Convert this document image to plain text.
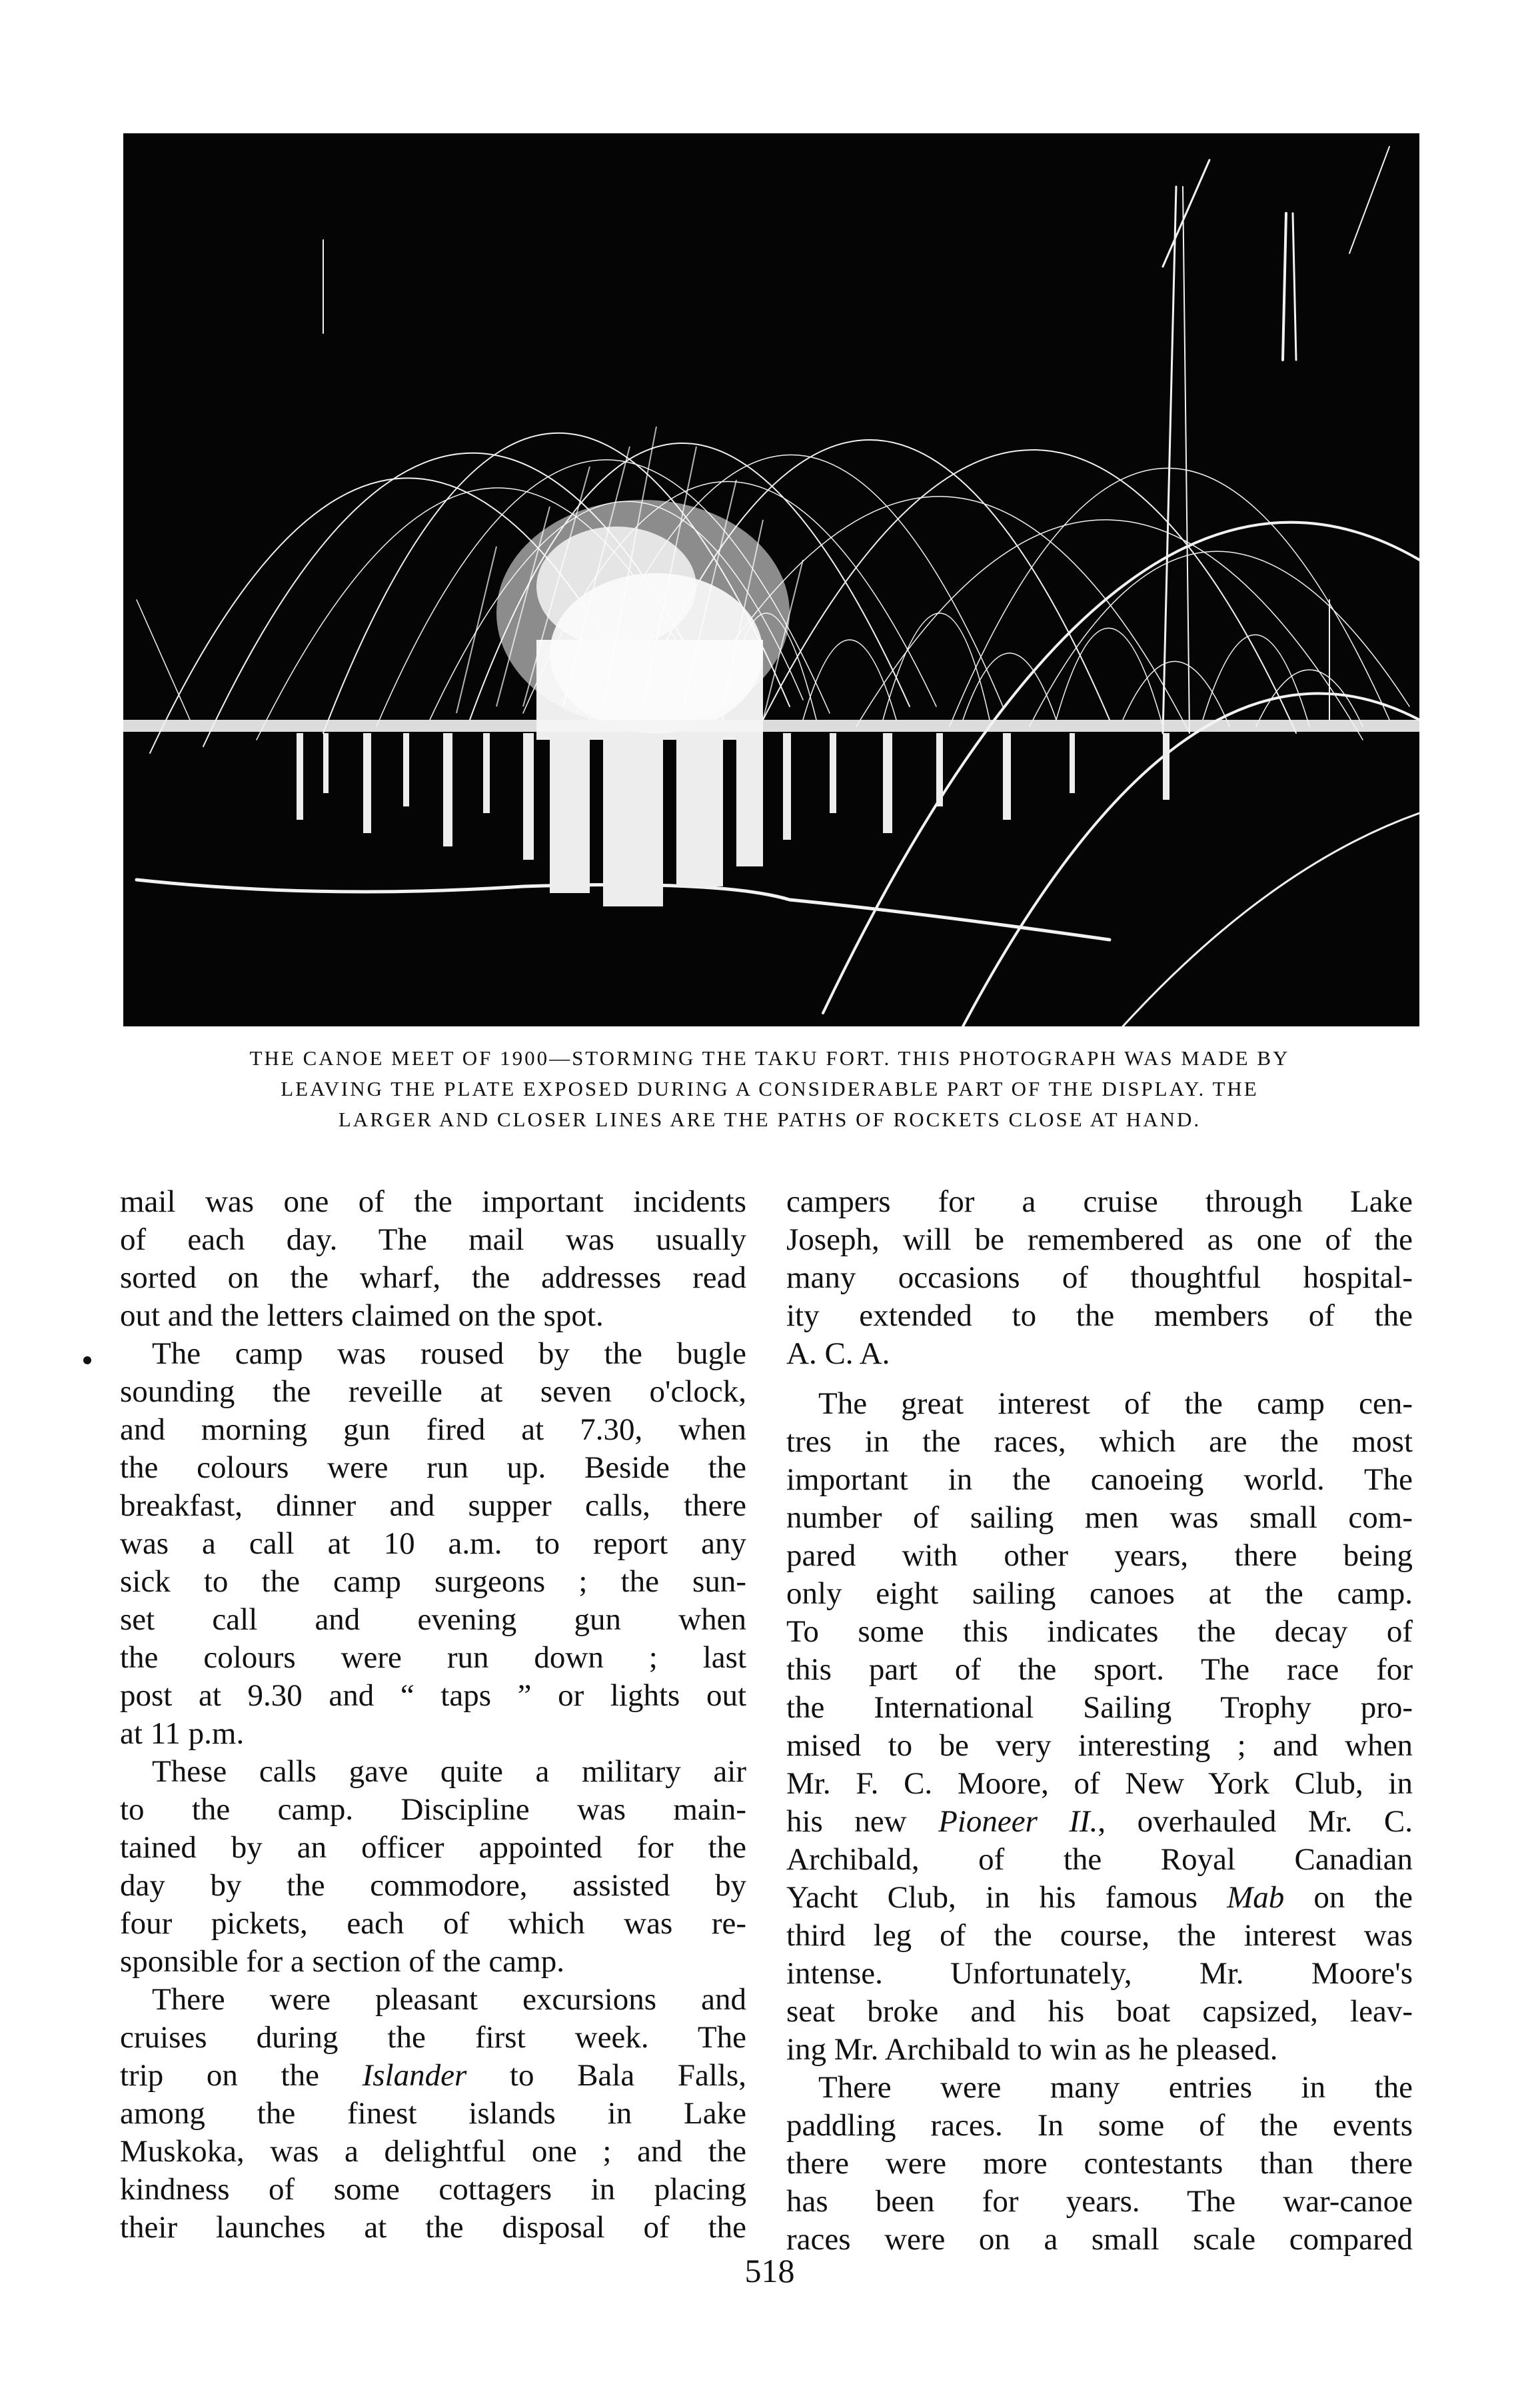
THE CANOE MEET OF 1900—STORMING THE TAKU FORT. THIS PHOTOGRAPH WAS MADE BY
LEAVING THE PLATE EXPOSED DURING A CONSIDERABLE PART OF THE DISPLAY. THE
LARGER AND CLOSER LINES ARE THE PATHS OF ROCKETS CLOSE AT HAND.

mail was one of the important incidents
of each day. The mail was usually
sorted on the wharf, the addresses read
out and the letters claimed on the spot.

The camp was roused by the bugle
sounding the reveille at seven o'clock,
and morning gun fired at 7.30, when
the colours were run up. Beside the
breakfast, dinner and supper calls, there
was a call at 10 a.m. to report any
sick to the camp surgeons ; the sun-
set call and evening gun when
the colours were run down ; last
post at 9.30 and “ taps ” or lights out
at 11 p.m.

These calls gave quite a military air
to the camp. Discipline was main-
tained by an officer appointed for the
day by the commodore, assisted by
four pickets, each of which was re-
sponsible for a section of the camp.

There were pleasant excursions and
cruises during the first week. The
trip on the Islander to Bala Falls,
among the finest islands in Lake
Muskoka, was a delightful one ; and the
kindness of some cottagers in placing
their launches at the disposal of the

campers for a cruise through Lake
Joseph, will be remembered as one of the
many occasions of thoughtful hospital-
ity extended to the members of the
A. C. A.

The great interest of the camp cen-
tres in the races, which are the most
important in the canoeing world. The
number of sailing men was small com-
pared with other years, there being
only eight sailing canoes at the camp.
To some this indicates the decay of
this part of the sport. The race for
the International Sailing Trophy pro-
mised to be very interesting ; and when
Mr. F. C. Moore, of New York Club, in
his new Pioneer II., overhauled Mr. C.
Archibald, of the Royal Canadian
Yacht Club, in his famous Mab on the
third leg of the course, the interest was
intense. Unfortunately, Mr. Moore's
seat broke and his boat capsized, leav-
ing Mr. Archibald to win as he pleased.

There were many entries in the
paddling races. In some of the events
there were more contestants than there
has been for years. The war-canoe
races were on a small scale compared

518
